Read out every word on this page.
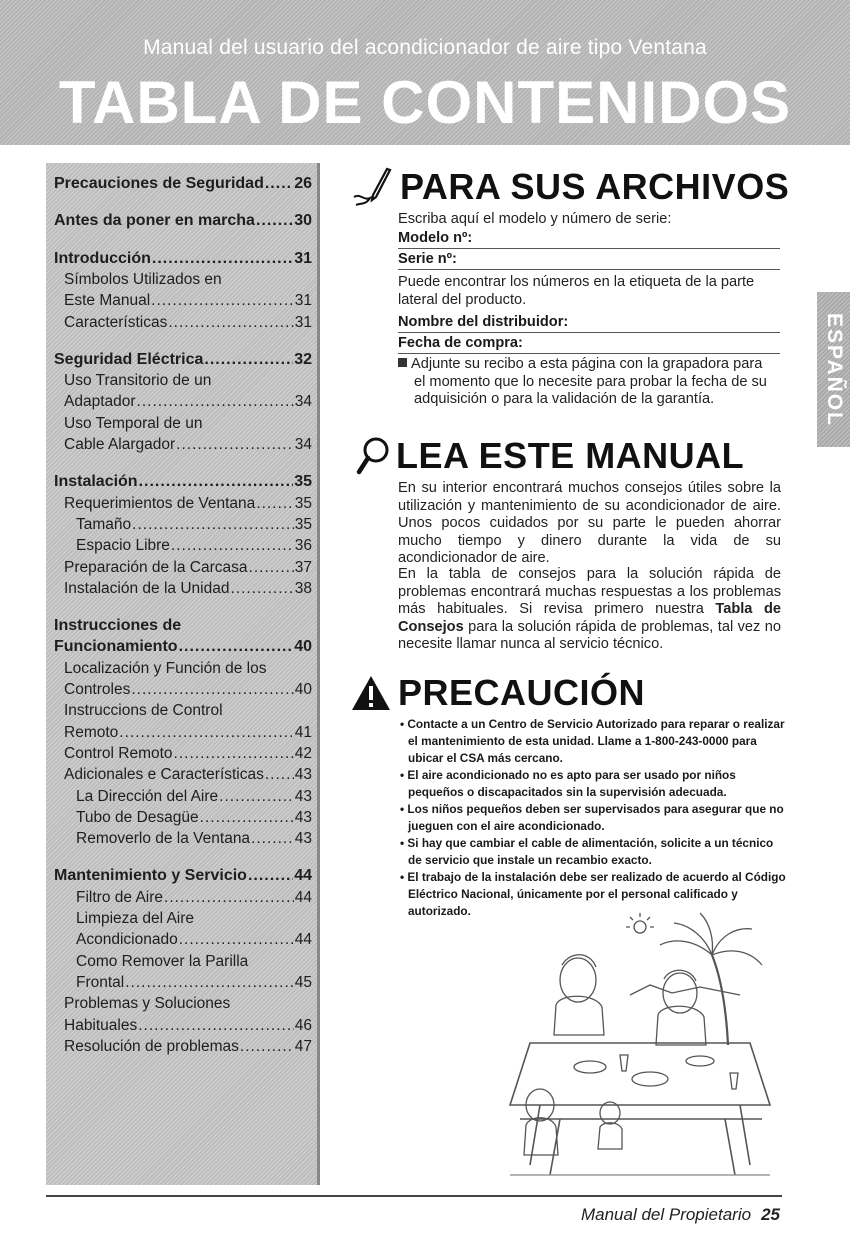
Manual del usuario del acondicionador de aire tipo Ventana
TABLA DE CONTENIDOS
Precauciones de Seguridad ..... 26
Antes da poner en marcha ..... 30
Introducción .....	31
Símbolos Utilizados en
Este Manual .....	31
Características .....	31
Seguridad Eléctrica .....	32
Uso Transitorio de un
Adaptador .....	34
Uso Temporal de un
Cable Alargador .....	34
Instalación .....	35
Requerimientos de Ventana .....	35
Tamaño .....	35
Espacio Libre .....	36
Preparación de la Carcasa .....	37
Instalación de la Unidad .....	38
Instrucciones de
Funcionamiento .....	40
Localización y Función de los
Controles .....	40
Instruccions de Control
Remoto .....	41
Control Remoto .....	42
Adicionales e Características ..... 43
La Dirección del Aire .....	43
Tubo de Desagüe .....	43
Removerlo de la Ventana .....	43
Mantenimiento y Servicio .....	44
Filtro de Aire .....	44
Limpieza del Aire
Acondicionado .....	44
Como Remover la Parilla
Frontal .....	45
Problemas y Soluciones
Habituales .....	46
Resolución de problemas .....	47
ESPAÑOL
PARA SUS ARCHIVOS
Escriba aquí el modelo y número de serie:
Modelo nº:
Serie nº:
Puede encontrar los números en la etiqueta de la parte lateral del producto.
Nombre del distribuidor:
Fecha de compra:
Adjunte su recibo a esta página con la grapadora para el momento que lo necesite para probar la fecha de su adquisición o para la validación de la garantía.
LEA ESTE MANUAL
En su interior encontrará muchos consejos útiles sobre la utilización y mantenimiento de su acondicionador de aire. Unos pocos cuidados por su parte le pueden ahorrar mucho tiempo y dinero durante la vida de su acondicionador de aire.
En la tabla de consejos para la solución rápida de problemas encontrará muchas respuestas a los problemas más habituales. Si revisa primero nuestra Tabla de Consejos para la solución rápida de problemas, tal vez no necesite llamar nunca al servicio técnico.
PRECAUCIÓN
• Contacte a un Centro de Servicio Autorizado para reparar o realizar el mantenimiento de esta unidad. Llame a 1-800-243-0000 para ubicar el CSA más cercano.
• El aire acondicionado no es apto para ser usado por niños pequeños o discapacitados sin la supervisión adecuada.
• Los niños pequeños deben ser supervisados para asegurar que no jueguen con el aire acondicionado.
• Si hay que cambiar el cable de alimentación, solicite a un técnico de servicio que instale un recambio exacto.
• El trabajo de la instalación debe ser realizado de acuerdo al Código Eléctrico Nacional, únicamente por el personal calificado y autorizado.
Manual del Propietario 25
